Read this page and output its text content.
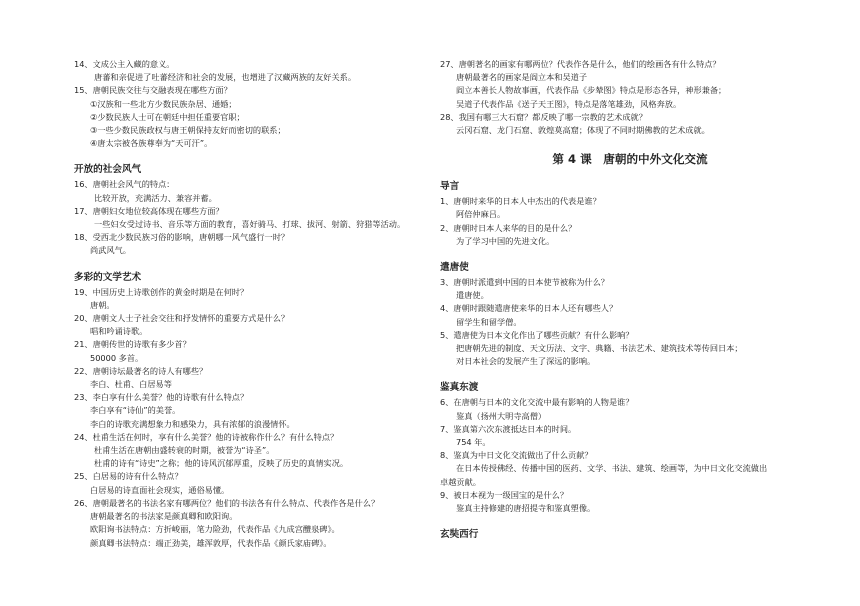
14、文成公主入藏的意义。
唐蕃和亲促进了吐蕃经济和社会的发展，也增进了汉藏两族的友好关系。
15、唐朝民族交往与交融表现在哪些方面？
①汉族和一些北方少数民族杂居、通婚；
②少数民族人士可在朝廷中担任重要官职；
③一些少数民族政权与唐王朝保持友好而密切的联系；
④唐太宗被各族尊奉为“天可汗”。
开放的社会风气
16、唐朝社会风气的特点：
比较开放，充满活力、兼容并蓄。
17、唐朝妇女地位较高体现在哪些方面？
一些妇女受过诗书、音乐等方面的教育，喜好骑马、打球、拔河、射箭、狩猎等活动。
18、受西北少数民族习俗的影响，唐朝哪一风气盛行一时？
尚武风气。
多彩的文学艺术
19、中国历史上诗歌创作的黄金时期是在何时？
唐朝。
20、唐朝文人士子社会交往和抒发情怀的重要方式是什么？
唱和吟诵诗歌。
21、唐朝传世的诗歌有多少首？
50000 多首。
22、唐朝诗坛最著名的诗人有哪些？
李白、杜甫、白居易等
23、李白享有什么美誉？他的诗歌有什么特点？
李白享有“诗仙”的美誉。
李白的诗歌充满想象力和感染力，具有浓郁的浪漫情怀。
24、杜甫生活在何时，享有什么美誉？他的诗被称作什么？有什么特点？
杜甫生活在唐朝由盛转衰的时期，被誉为“诗圣”。
杜甫的诗有“诗史”之称；他的诗风沉郁厚重，反映了历史的真情实况。
25、白居易的诗有什么特点？
白居易的诗直面社会现实，通俗易懂。
26、唐朝最著名的书法名家有哪两位？他们的书法各有什么特点、代表作各是什么？
唐朝最著名的书法家是颜真卿和欧阳询。
欧阳询书法特点：方折峻丽，笔力险劲，代表作品《九成宫醴泉碑》。
颜真卿书法特点：端正劲美，雄浑敦厚，代表作品《颜氏家庙碑》。
27、唐朝著名的画家有哪两位？代表作各是什么，他们的绘画各有什么特点？
唐朝最著名的画家是阎立本和吴道子
阎立本善长人物故事画，代表作品《步辇图》特点是形态各异，神形兼备；
吴道子代表作品《送子天王图》，特点是落笔雄劲，风格奔放。
28、我国有哪三大石窟？都反映了哪一宗教的艺术成就？
云冈石窟、龙门石窟、敦煌莫高窟；体现了不同时期佛教的艺术成就。
第 4 课　唐朝的中外文化交流
导言
1、唐朝时来华的日本人中杰出的代表是谁？
阿倍仲麻吕。
2、唐朝时日本人来华的目的是什么？
为了学习中国的先进文化。
遣唐使
3、唐朝时派遣到中国的日本使节被称为什么？
遣唐使。
4、唐朝时跟随遣唐使来华的日本人还有哪些人？
留学生和留学僧。
5、遣唐使为日本文化作出了哪些贡献？有什么影响？
把唐朝先进的制度、天文历法、文字、典籍、书法艺术、建筑技术等传回日本；
对日本社会的发展产生了深远的影响。
鉴真东渡
6、在唐朝与日本的文化交流中最有影响的人物是谁？
鉴真（扬州大明寺高僧）
7、鉴真第六次东渡抵达日本的时间。
754 年。
8、鉴真为中日文化交流做出了什么贡献？
在日本传授佛经、传播中国的医药、文学、书法、建筑、绘画等，为中日文化交流做出
卓越贡献。
9、被日本视为一级国宝的是什么？
鉴真主持修建的唐招提寺和鉴真塑像。
玄奘西行
